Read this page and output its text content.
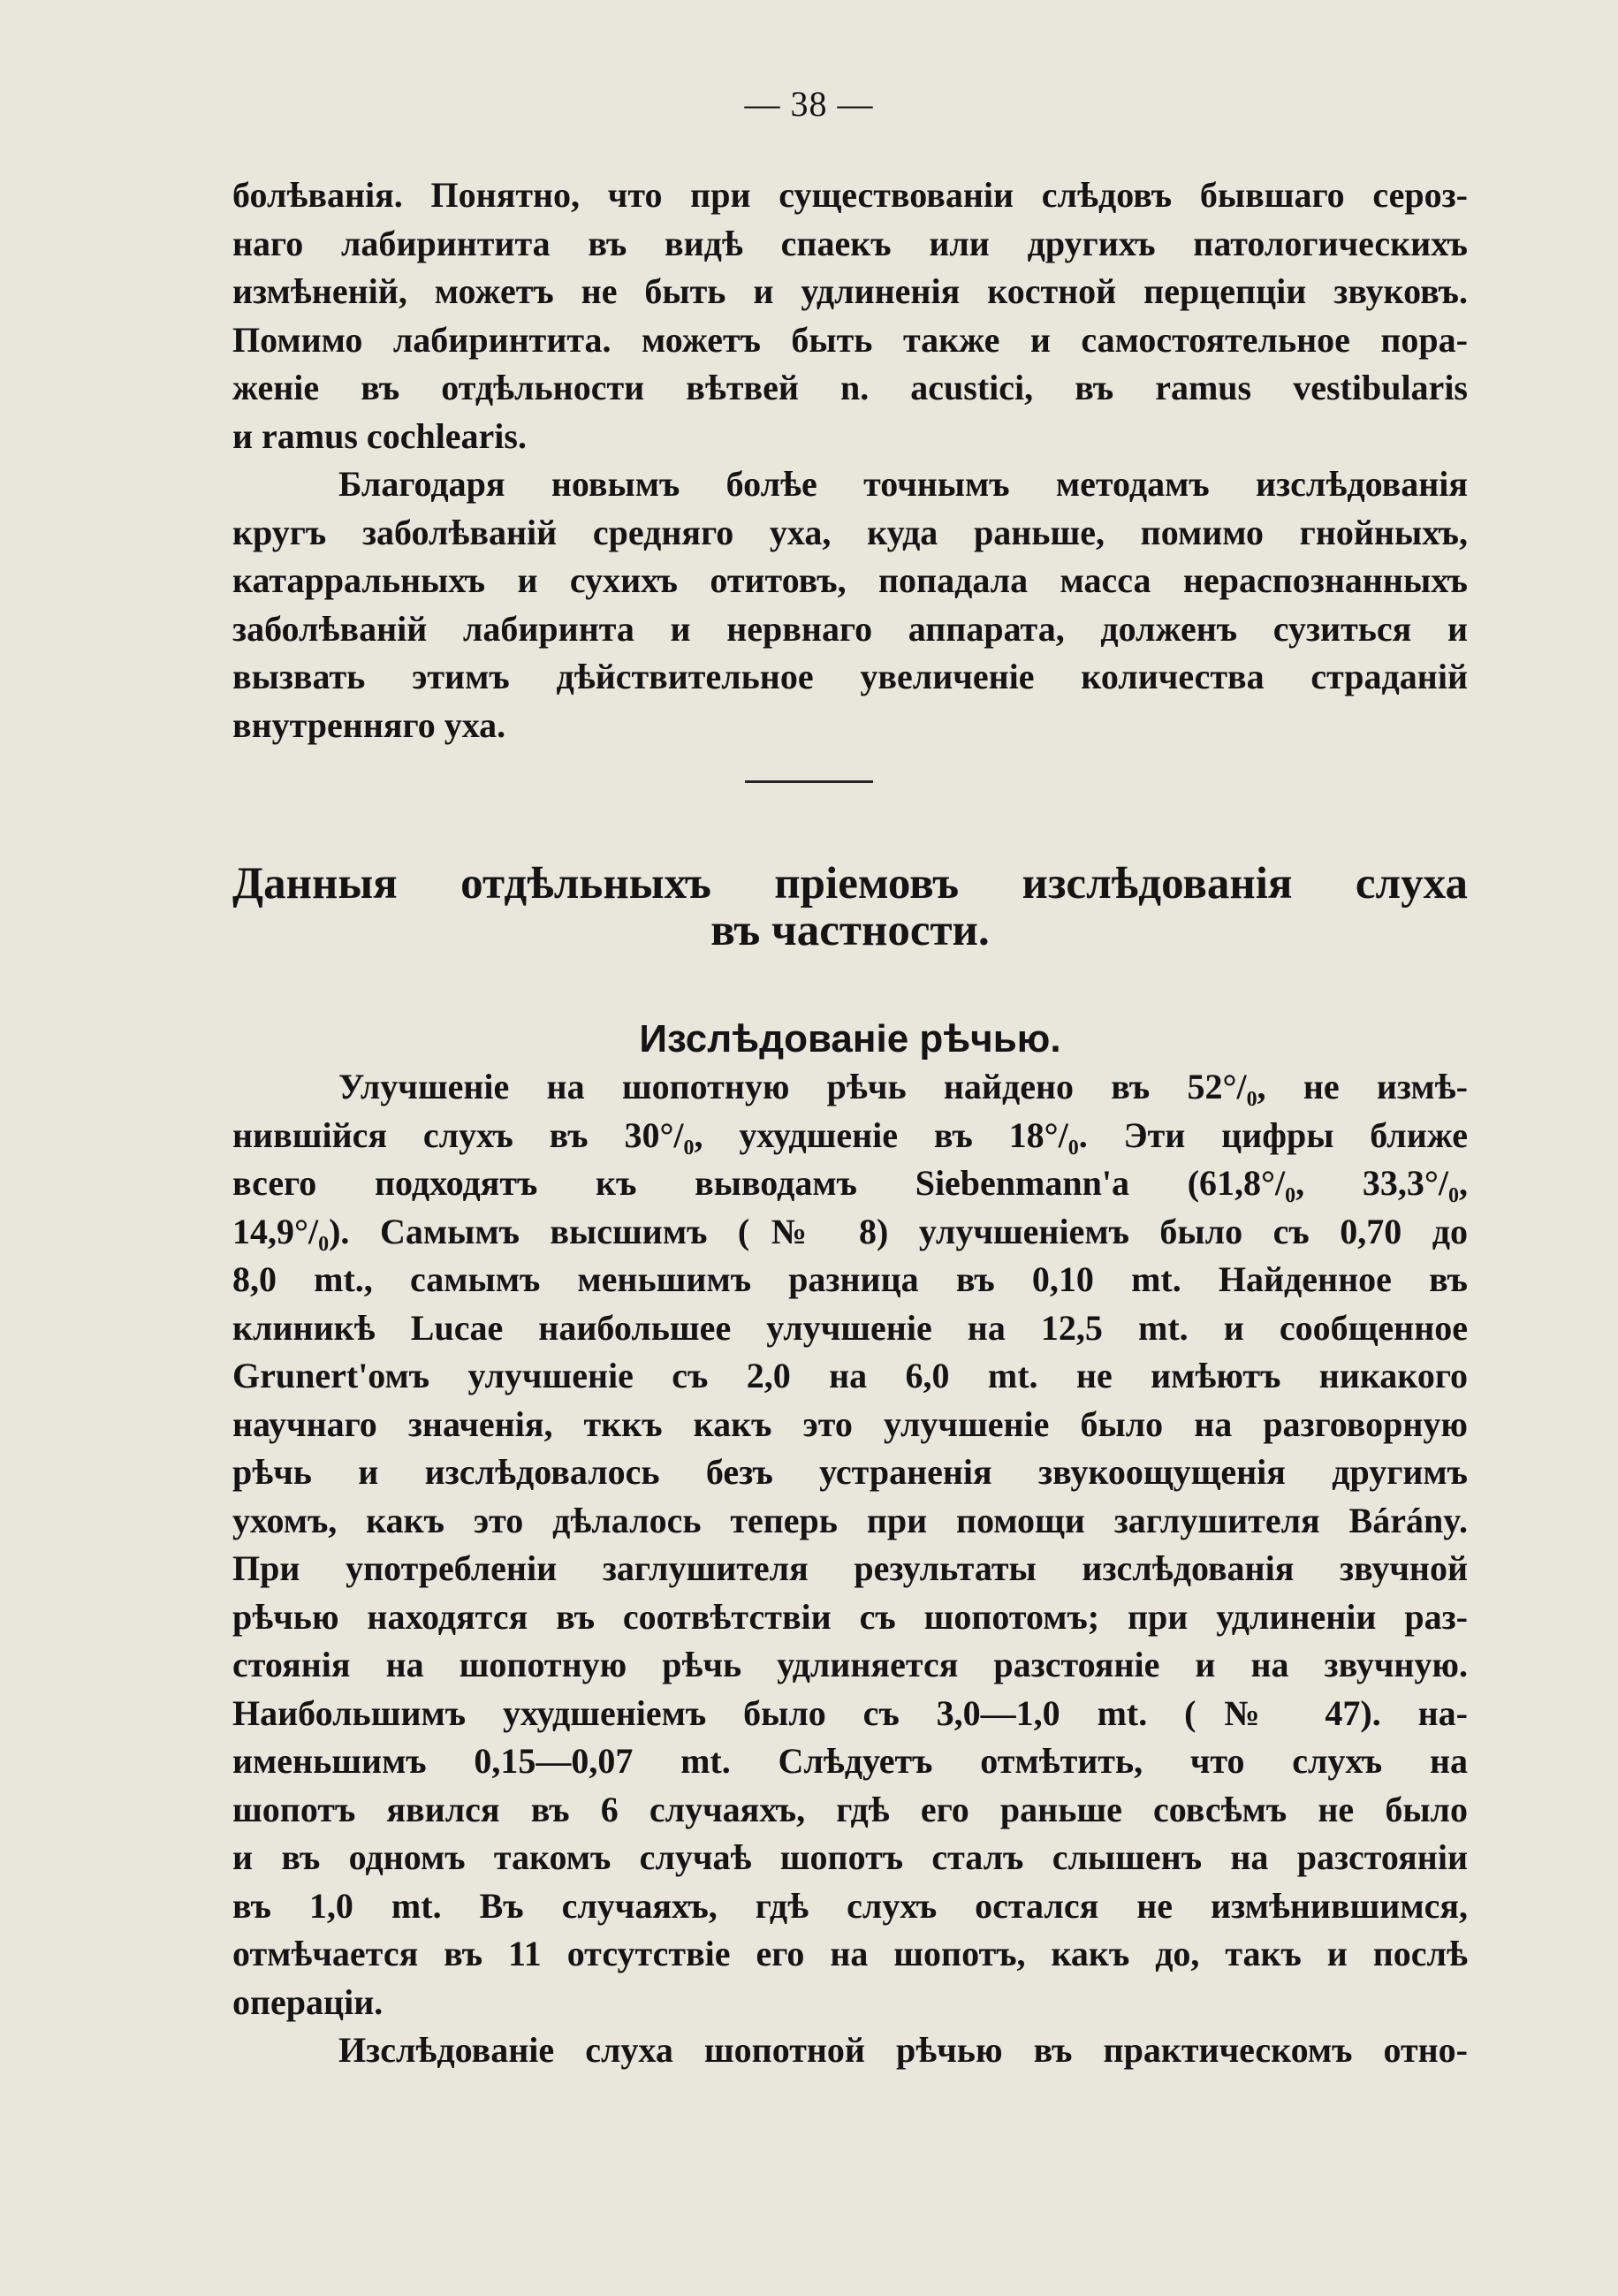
— 38 —
болѣванія. Понятно, что при существованіи слѣдовъ бывшаго сероз-
наго лабиринтита въ видѣ спаекъ или другихъ патологическихъ
измѣненій, можетъ не быть и удлиненія костной перцепціи звуковъ.
Помимо лабиринтита. можетъ быть также и самостоятельное пора-
женіе въ отдѣльности вѣтвей n. acustici, въ ramus vestibularis
и ramus cochlearis.
Благодаря новымъ болѣе точнымъ методамъ изслѣдованія
кругъ заболѣваній средняго уха, куда раньше, помимо гнойныхъ,
катарральныхъ и сухихъ отитовъ, попадала масса нераспознанныхъ
заболѣваній лабиринта и нервнаго аппарата, долженъ сузиться и
вызвать этимъ дѣйствительное увеличеніе количества страданій
внутренняго уха.
Данныя отдѣльныхъ пріемовъ изслѣдованія слуха
въ частности.
Изслѣдованіе рѣчью.
Улучшеніе на шопотную рѣчь найдено въ 52°/₀, не измѣ-
нившійся слухъ въ 30°/₀, ухудшеніе въ 18°/₀. Эти цифры ближе
всего подходятъ къ выводамъ Siebenmann'а (61,8°/₀, 33,3°/₀,
14,9°/₀). Самымъ высшимъ (№ 8) улучшеніемъ было съ 0,70 до
8,0 mt., самымъ меньшимъ разница въ 0,10 mt. Найденное въ
клиникѣ Lucae наибольшее улучшеніе на 12,5 mt. и сообщенное
Grunert'омъ улучшеніе съ 2,0 на 6,0 mt. не имѣютъ никакого
научнаго значенія, тккъ какъ это улучшеніе было на разговорную
рѣчь и изслѣдовалось безъ устраненія звукоощущенія другимъ
ухомъ, какъ это дѣлалось теперь при помощи заглушителя Bárány.
При употребленіи заглушителя результаты изслѣдованія звучной
рѣчью находятся въ соотвѣтствіи съ шопотомъ; при удлиненіи раз-
стоянія на шопотную рѣчь удлиняется разстояніе и на звучную.
Наибольшимъ ухудшеніемъ было съ 3,0—1,0 mt. (№ 47). на-
именьшимъ 0,15—0,07 mt. Слѣдуетъ отмѣтить, что слухъ на
шопотъ явился въ 6 случаяхъ, гдѣ его раньше совсѣмъ не было
и въ одномъ такомъ случаѣ шопотъ сталъ слышенъ на разстояніи
въ 1,0 mt. Въ случаяхъ, гдѣ слухъ остался не измѣнившимся,
отмѣчается въ 11 отсутствіе его на шопотъ, какъ до, такъ и послѣ
операціи.
Изслѣдованіе слуха шопотной рѣчью въ практическомъ отно-
